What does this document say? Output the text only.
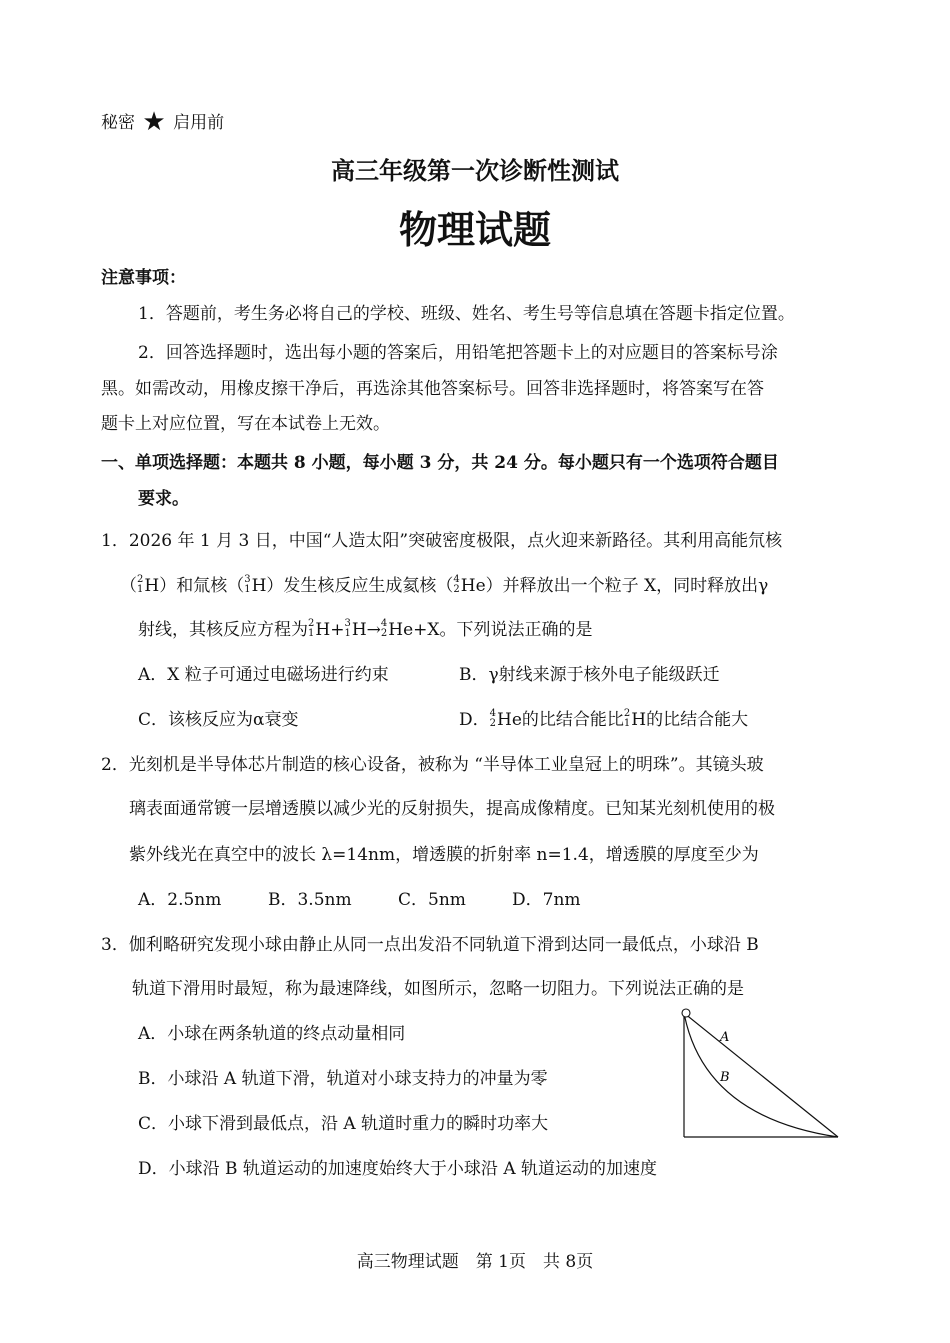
秘密 ★ 启用前
高三年级第一次诊断性测试
物理试题
注意事项：
1．答题前，考生务必将自己的学校、班级、姓名、考生号等信息填在答题卡指定位置。
2．回答选择题时，选出每小题的答案后，用铅笔把答题卡上的对应题目的答案标号涂
黑。如需改动，用橡皮擦干净后，再选涂其他答案标号。回答非选择题时，将答案写在答
题卡上对应位置，写在本试卷上无效。
一、单项选择题：本题共 8 小题，每小题 3 分，共 24 分。每小题只有一个选项符合题目
要求。
1．2026 年 1 月 3 日，中国“人造太阳”突破密度极限，点火迎来新路径。其利用高能氘核
（ 2
1 H）和氚核（ 3
1 H）发生核反应生成氦核（ 4
2 He）并释放出一个粒子 X，同时释放出γ
射线，其核反应方程为 2
1 H+ 3
1 H→ 4
2 He+X。下列说法正确的是
A．X 粒子可通过电磁场进行约束	B．γ射线来源于核外电子能级跃迁
C．该核反应为α衰变	D． 4
2 He的比结合能比 2
1 H的比结合能大
2．光刻机是半导体芯片制造的核心设备，被称为 “半导体工业皇冠上的明珠”。其镜头玻
璃表面通常镀一层增透膜以减少光的反射损失，提高成像精度。已知某光刻机使用的极
紫外线光在真空中的波长 λ=14nm，增透膜的折射率 n=1.4，增透膜的厚度至少为
A．2.5nm	B．3.5nm	C．5nm	D．7nm
3．伽利略研究发现小球由静止从同一点出发沿不同轨道下滑到达同一最低点，小球沿 B
轨道下滑用时最短，称为最速降线，如图所示，忽略一切阻力。下列说法正确的是
A．小球在两条轨道的终点动量相同
B．小球沿 A 轨道下滑，轨道对小球支持力的冲量为零
C．小球下滑到最低点，沿 A 轨道时重力的瞬时功率大
D．小球沿 B 轨道运动的加速度始终大于小球沿 A 轨道运动的加速度
A
B
高三物理试题　第 1页　共 8页
